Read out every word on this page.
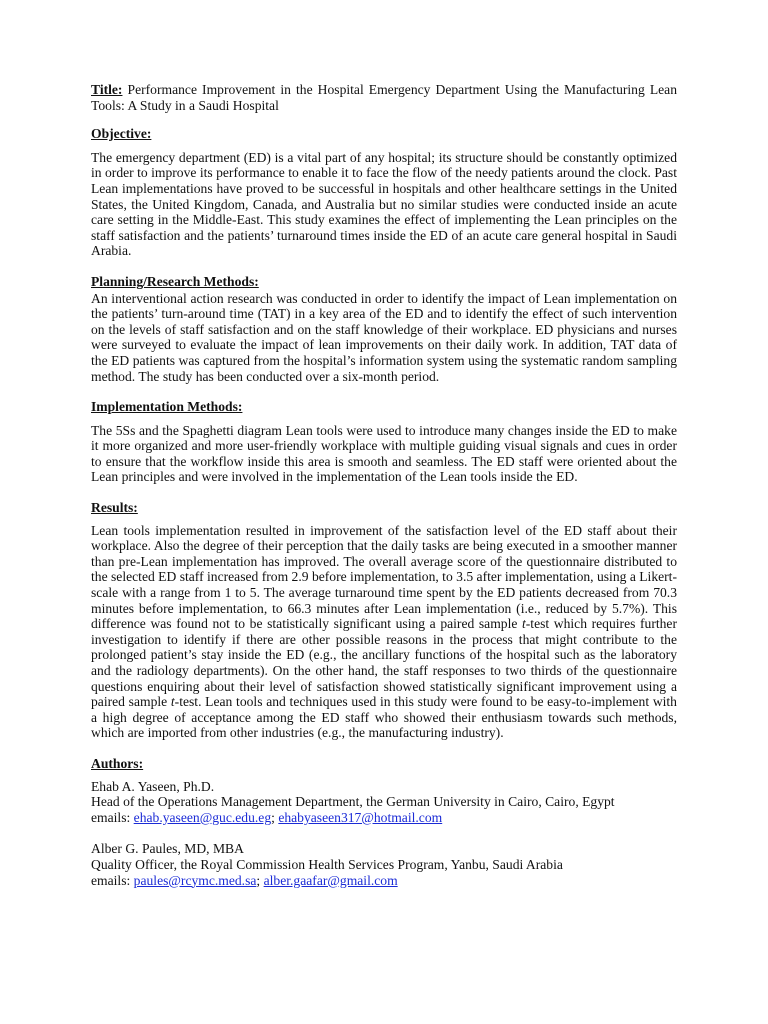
Title: Performance Improvement in the Hospital Emergency Department Using the Manufacturing Lean Tools: A Study in a Saudi Hospital

Objective:

The emergency department (ED) is a vital part of any hospital; its structure should be constantly optimized in order to improve its performance to enable it to face the flow of the needy patients around the clock. Past Lean implementations have proved to be successful in hospitals and other healthcare settings in the United States, the United Kingdom, Canada, and Australia but no similar studies were conducted inside an acute care setting in the Middle-East. This study examines the effect of implementing the Lean principles on the staff satisfaction and the patients’ turnaround times inside the ED of an acute care general hospital in Saudi Arabia.

Planning/Research Methods:

An interventional action research was conducted in order to identify the impact of Lean implementation on the patients’ turn-around time (TAT) in a key area of the ED and to identify the effect of such intervention on the levels of staff satisfaction and on the staff knowledge of their workplace. ED physicians and nurses were surveyed to evaluate the impact of lean improvements on their daily work. In addition, TAT data of the ED patients was captured from the hospital’s information system using the systematic random sampling method. The study has been conducted over a six-month period.

Implementation Methods:

The 5Ss and the Spaghetti diagram Lean tools were used to introduce many changes inside the ED to make it more organized and more user-friendly workplace with multiple guiding visual signals and cues in order to ensure that the workflow inside this area is smooth and seamless. The ED staff were oriented about the Lean principles and were involved in the implementation of the Lean tools inside the ED.

Results:

Lean tools implementation resulted in improvement of the satisfaction level of the ED staff about their workplace. Also the degree of their perception that the daily tasks are being executed in a smoother manner than pre-Lean implementation has improved. The overall average score of the questionnaire distributed to the selected ED staff increased from 2.9 before implementation, to 3.5 after implementation, using a Likert-scale with a range from 1 to 5. The average turnaround time spent by the ED patients decreased from 70.3 minutes before implementation, to 66.3 minutes after Lean implementation (i.e., reduced by 5.7%). This difference was found not to be statistically significant using a paired sample t-test which requires further investigation to identify if there are other possible reasons in the process that might contribute to the prolonged patient’s stay inside the ED (e.g., the ancillary functions of the hospital such as the laboratory and the radiology departments). On the other hand, the staff responses to two thirds of the questionnaire questions enquiring about their level of satisfaction showed statistically significant improvement using a paired sample t-test. Lean tools and techniques used in this study were found to be easy-to-implement with a high degree of acceptance among the ED staff who showed their enthusiasm towards such methods, which are imported from other industries (e.g., the manufacturing industry).

Authors:

Ehab A. Yaseen, Ph.D.

Head of the Operations Management Department, the German University in Cairo, Cairo, Egypt

emails: ehab.yaseen@guc.edu.eg; ehabyaseen317@hotmail.com

Alber G. Paules, MD, MBA

Quality Officer, the Royal Commission Health Services Program, Yanbu, Saudi Arabia

emails: paules@rcymc.med.sa; alber.gaafar@gmail.com
